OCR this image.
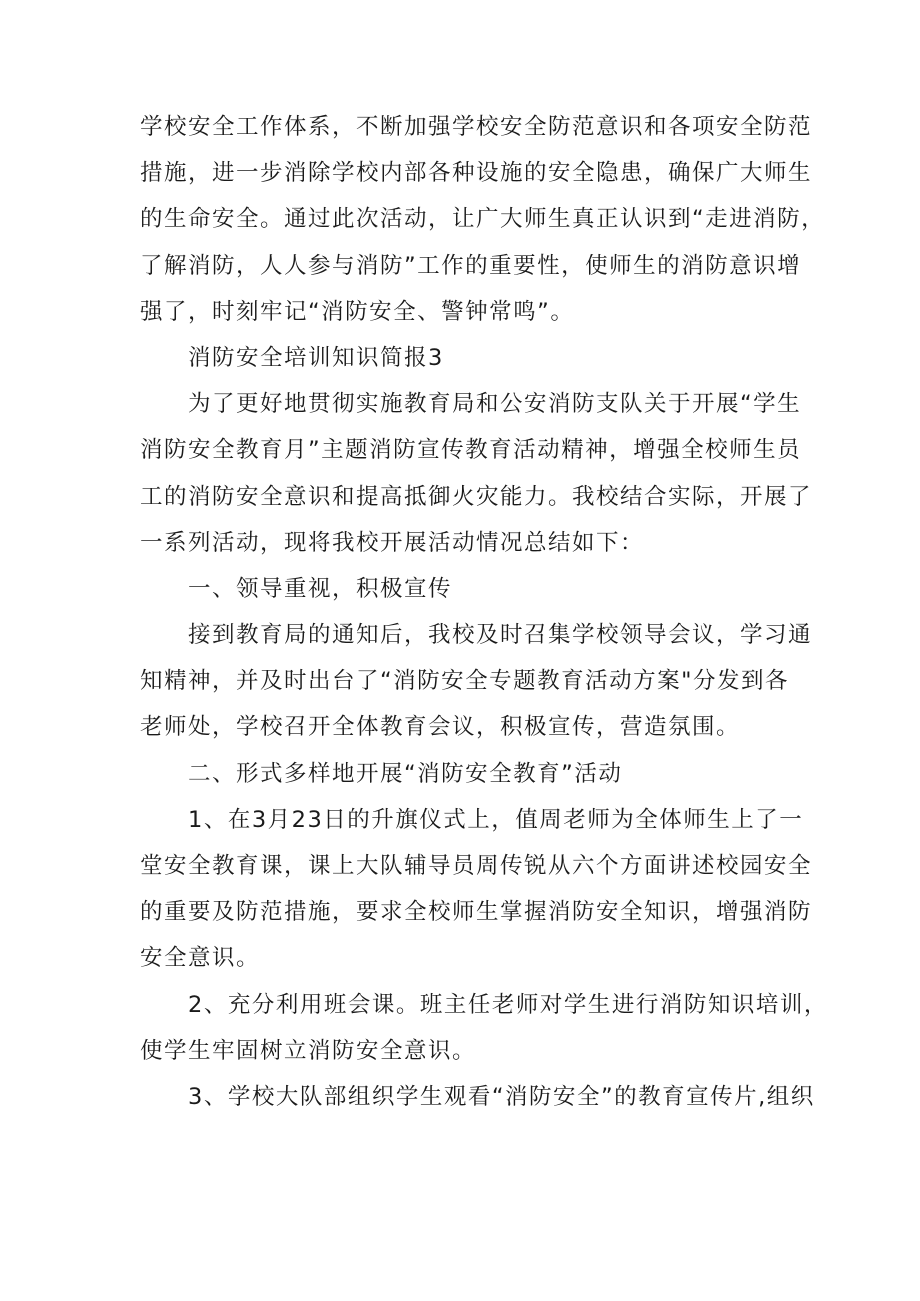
学校安全工作体系，不断加强学校安全防范意识和各项安全防范
措施，进一步消除学校内部各种设施的安全隐患，确保广大师生
的生命安全。通过此次活动，让广大师生真正认识到“走进消防，
了解消防，人人参与消防”工作的重要性，使师生的消防意识增
强了，时刻牢记“消防安全、警钟常鸣”。
消防安全培训知识简报3
为了更好地贯彻实施教育局和公安消防支队关于开展“学生
消防安全教育月”主题消防宣传教育活动精神，增强全校师生员
工的消防安全意识和提高抵御火灾能力。我校结合实际，开展了
一系列活动，现将我校开展活动情况总结如下：
一、领导重视，积极宣传
接到教育局的通知后，我校及时召集学校领导会议，学习通
知精神，并及时出台了“消防安全专题教育活动方案"分发到各
老师处，学校召开全体教育会议，积极宣传，营造氛围。
二、形式多样地开展“消防安全教育”活动
1、在3月23日的升旗仪式上，值周老师为全体师生上了一
堂安全教育课，课上大队辅导员周传锐从六个方面讲述校园安全
的重要及防范措施，要求全校师生掌握消防安全知识，增强消防
安全意识。
2、充分利用班会课。班主任老师对学生进行消防知识培训，
使学生牢固树立消防安全意识。
3、学校大队部组织学生观看“消防安全”的教育宣传片,组织
